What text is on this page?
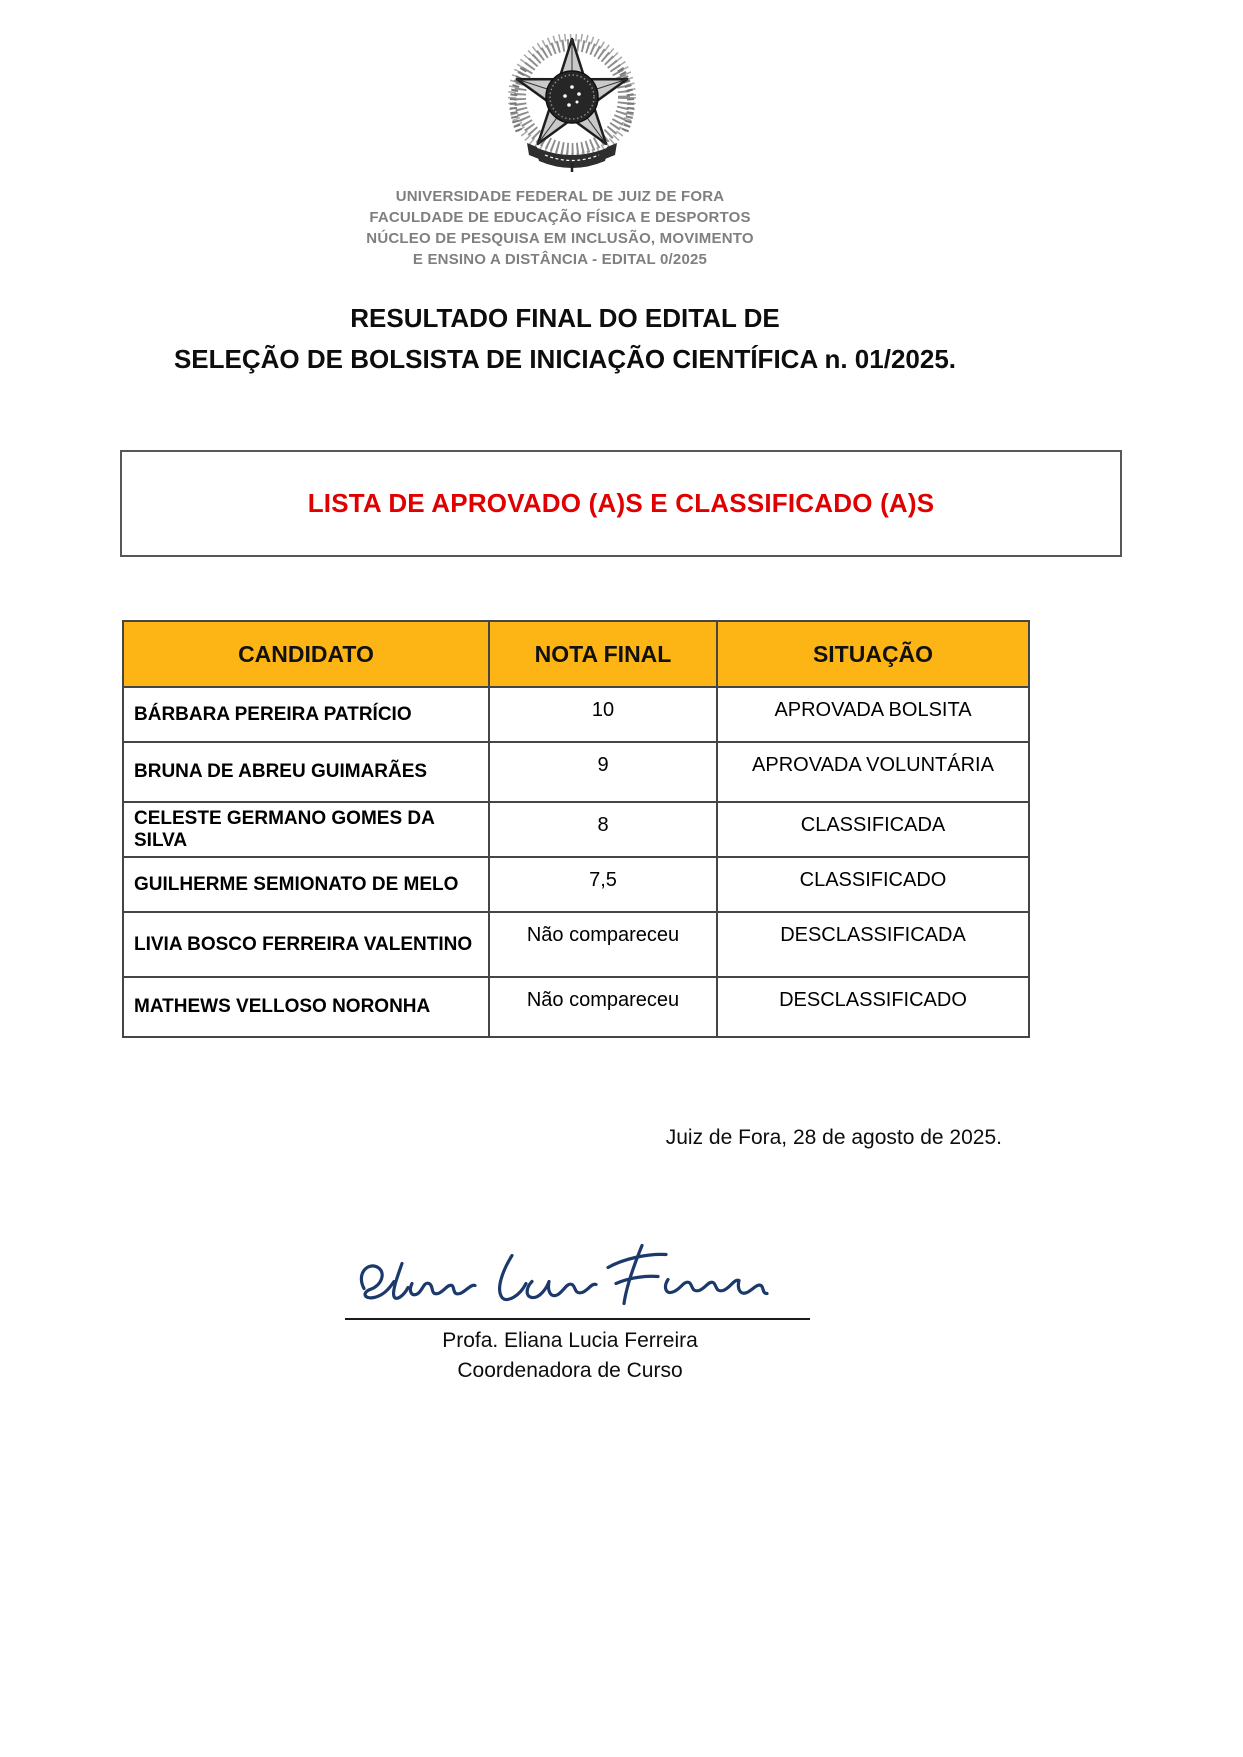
UNIVERSIDADE FEDERAL DE JUIZ DE FORA
FACULDADE DE EDUCAÇÃO FÍSICA E DESPORTOS
NÚCLEO DE PESQUISA EM INCLUSÃO, MOVIMENTO
E ENSINO A DISTÂNCIA - EDITAL 0/2025
RESULTADO FINAL DO EDITAL DE
SELEÇÃO DE BOLSISTA DE INICIAÇÃO CIENTÍFICA n. 01/2025.
LISTA DE APROVADO (A)S E CLASSIFICADO (A)S
CANDIDATO	NOTA FINAL	SITUAÇÃO
BÁRBARA PEREIRA PATRÍCIO	10	APROVADA BOLSITA
BRUNA DE ABREU GUIMARÃES	9	APROVADA VOLUNTÁRIA
CELESTE GERMANO GOMES DA SILVA	8	CLASSIFICADA
GUILHERME SEMIONATO DE MELO	7,5	CLASSIFICADO
LIVIA BOSCO FERREIRA VALENTINO	Não compareceu	DESCLASSIFICADA
MATHEWS VELLOSO NORONHA	Não compareceu	DESCLASSIFICADO
Juiz de Fora, 28 de agosto de 2025.
Profa. Eliana Lucia Ferreira
Coordenadora de Curso
